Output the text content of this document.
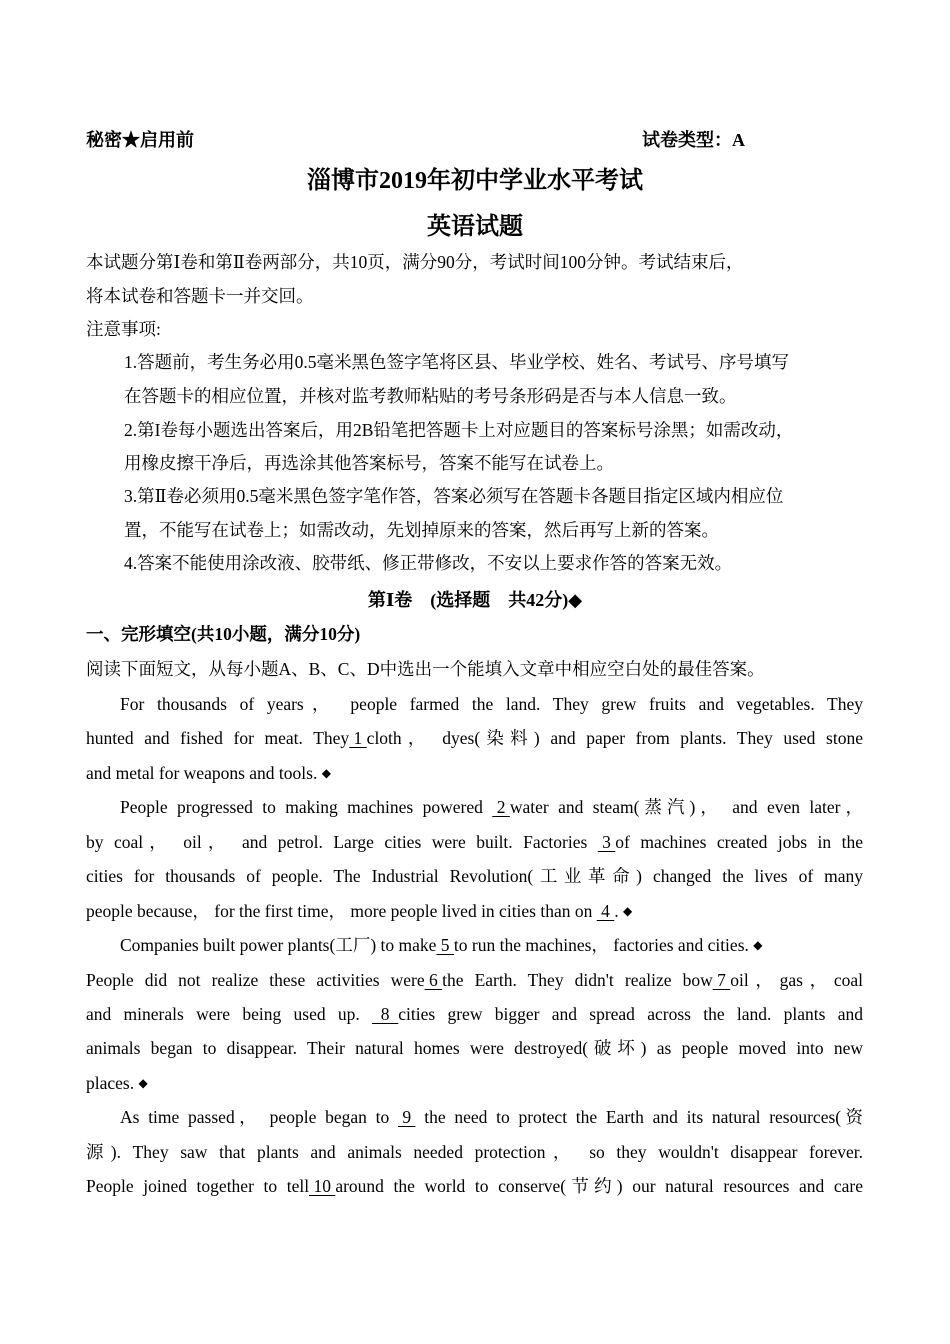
秘密★启用前	试卷类型：A
淄博市2019年初中学业水平考试
英语试题
本试题分第Ⅰ卷和第Ⅱ卷两部分，共10页，满分90分，考试时间100分钟。考试结束后，
将本试卷和答题卡一并交回。
注意事项:
1.答题前，考生务必用0.5毫米黑色签字笔将区县、毕业学校、姓名、考试号、序号填写
在答题卡的相应位置，并核对监考教师粘贴的考号条形码是否与本人信息一致。
2.第I卷每小题选出答案后，用2B铅笔把答题卡上对应题目的答案标号涂黑；如需改动，
用橡皮擦干净后，再选涂其他答案标号，答案不能写在试卷上。
3.第Ⅱ卷必须用0.5毫米黑色签字笔作答，答案必须写在答题卡各题目指定区域内相应位
置，不能写在试卷上；如需改动，先划掉原来的答案，然后再写上新的答案。
4.答案不能使用涂改液、胶带纸、修正带修改，不安以上要求作答的答案无效。
第Ⅰ卷　(选择题　共42分)◆
一、完形填空(共10小题，满分10分)
阅读下面短文，从每小题A、B、C、D中选出一个能填入文章中相应空白处的最佳答案。
For thousands of years， people farmed the land. They grew fruits and vegetables. They
hunted and fished for meat. They 1 cloth， dyes(染料) and paper from plants. They used stone
and metal for weapons and tools. ◆
People progressed to making machines powered  2 water and steam(蒸汽)， and even later，
by coal， oil， and petrol. Large cities were built. Factories  3 of machines created jobs in the
cities for thousands of people. The Industrial Revolution(工业革命) changed the lives of many
people because， for the first time， more people lived in cities than on  4 . ◆
Companies built power plants(工厂) to make 5 to run the machines， factories and cities. ◆
People did not realize these activities were 6 the Earth. They didn't realize bow 7 oil，gas，coal
and minerals were being used up.   8  cities grew bigger and spread across the land. plants and
animals began to disappear. Their natural homes were destroyed(破坏) as people moved into new
places. ◆
As time passed， people began to  9  the need to protect the Earth and its natural resources(资
源). They saw that plants and animals needed protection， so they wouldn't disappear forever.
People joined together to tell 10 around the world to conserve(节约) our natural resources and care
